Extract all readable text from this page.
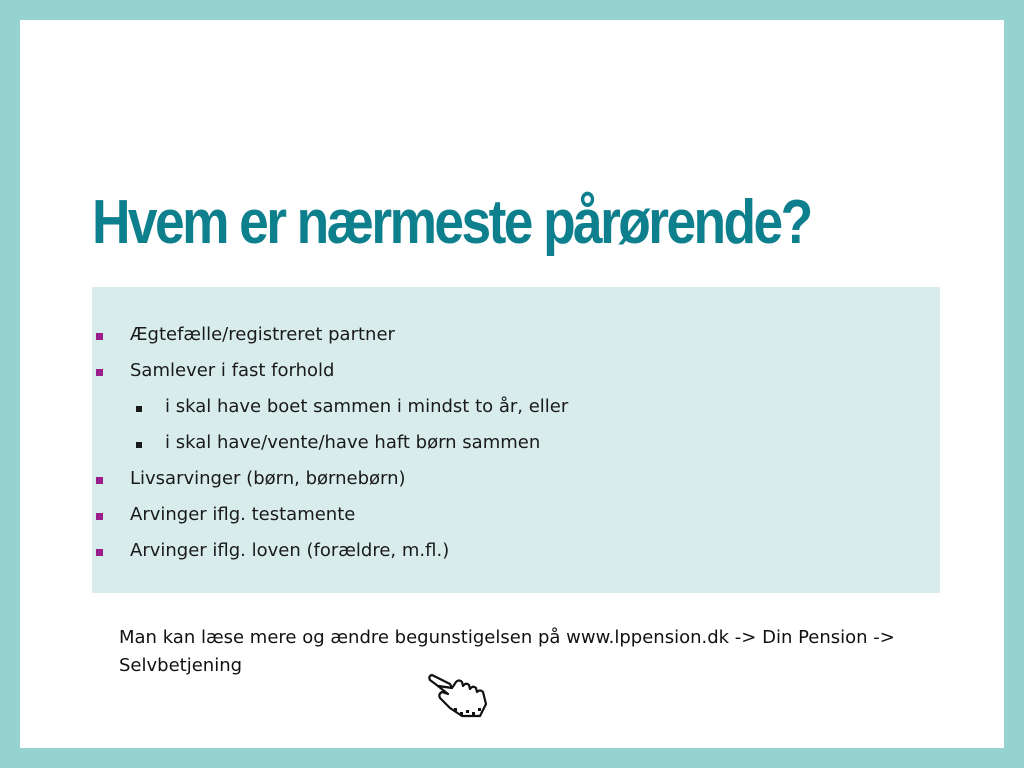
Hvem er nærmeste pårørende?
Ægtefælle/registreret partner
Samlever i fast forhold
i skal have boet sammen i mindst to år, eller
i skal have/vente/have haft børn sammen
Livsarvinger (børn, børnebørn)
Arvinger iflg. testamente
Arvinger iflg. loven (forældre, m.fl.)
Man kan læse mere og ændre begunstigelsen på www.lppension.dk -> Din Pension -> Selvbetjening
